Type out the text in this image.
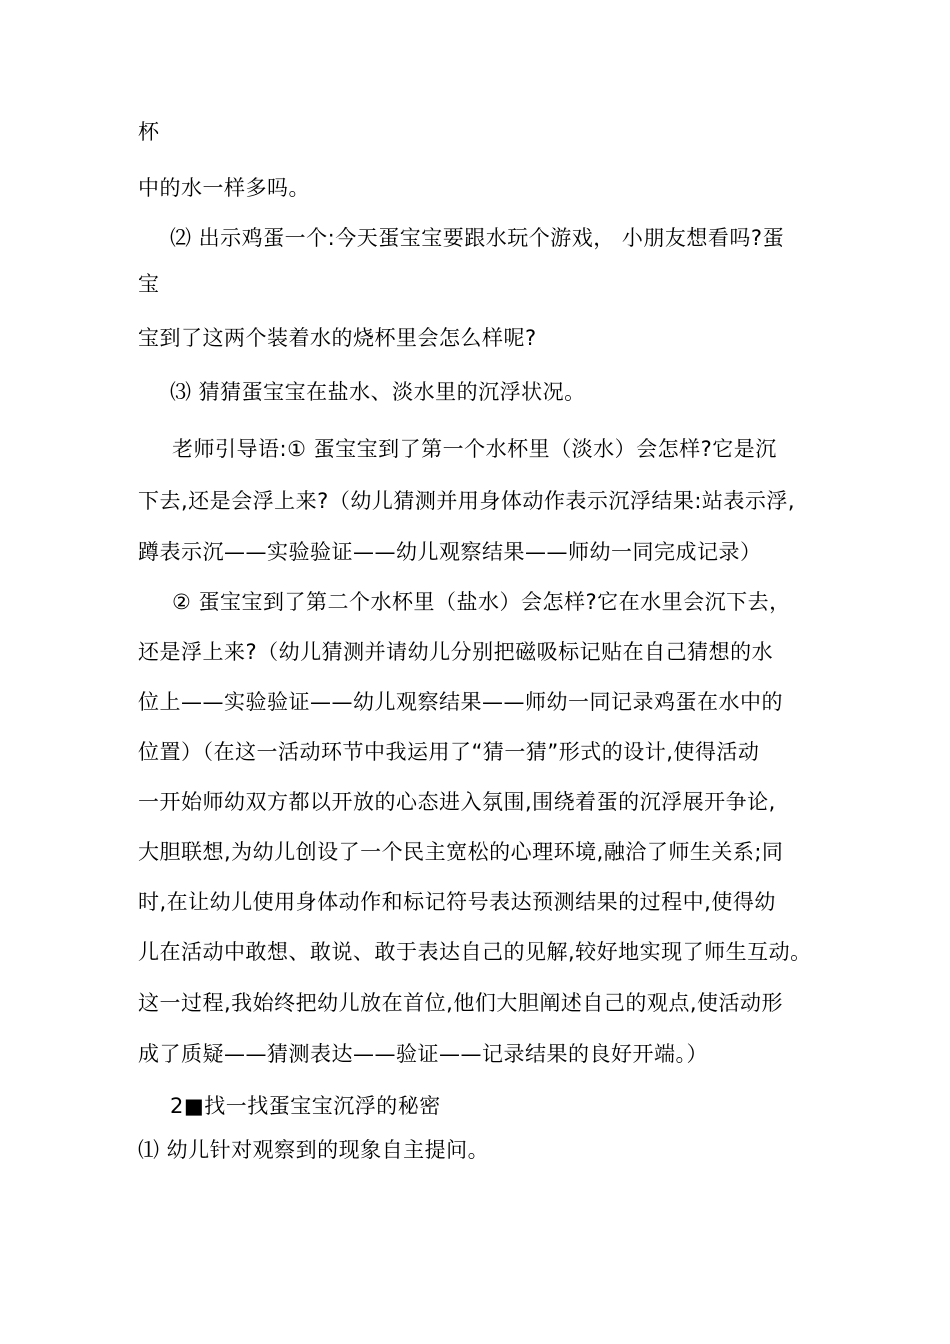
杯
中的水一样多吗。
⑵ 出示鸡蛋一个:今天蛋宝宝要跟水玩个游戏， 小朋友想看吗?蛋
宝
宝到了这两个装着水的烧杯里会怎么样呢?
⑶ 猜猜蛋宝宝在盐水、淡水里的沉浮状况。
老师引导语:① 蛋宝宝到了第一个水杯里（淡水）会怎样?它是沉
下去,还是会浮上来?（幼儿猜测并用身体动作表示沉浮结果:站表示浮,
蹲表示沉——实验验证——幼儿观察结果——师幼一同完成记录）
② 蛋宝宝到了第二个水杯里（盐水）会怎样?它在水里会沉下去，
还是浮上来?（幼儿猜测并请幼儿分别把磁吸标记贴在自己猜想的水
位上——实验验证——幼儿观察结果——师幼一同记录鸡蛋在水中的
位置）（在这一活动环节中我运用了“猜一猜”形式的设计,使得活动
一开始师幼双方都以开放的心态进入氛围,围绕着蛋的沉浮展开争论,
大胆联想,为幼儿创设了一个民主宽松的心理环境,融洽了师生关系;同
时,在让幼儿使用身体动作和标记符号表达预测结果的过程中,使得幼
儿在活动中敢想、敢说、敢于表达自己的见解,较好地实现了师生互动。
这一过程,我始终把幼儿放在首位,他们大胆阐述自己的观点,使活动形
成了质疑——猜测表达——验证——记录结果的良好开端。）
2■找一找蛋宝宝沉浮的秘密
⑴ 幼儿针对观察到的现象自主提问。
